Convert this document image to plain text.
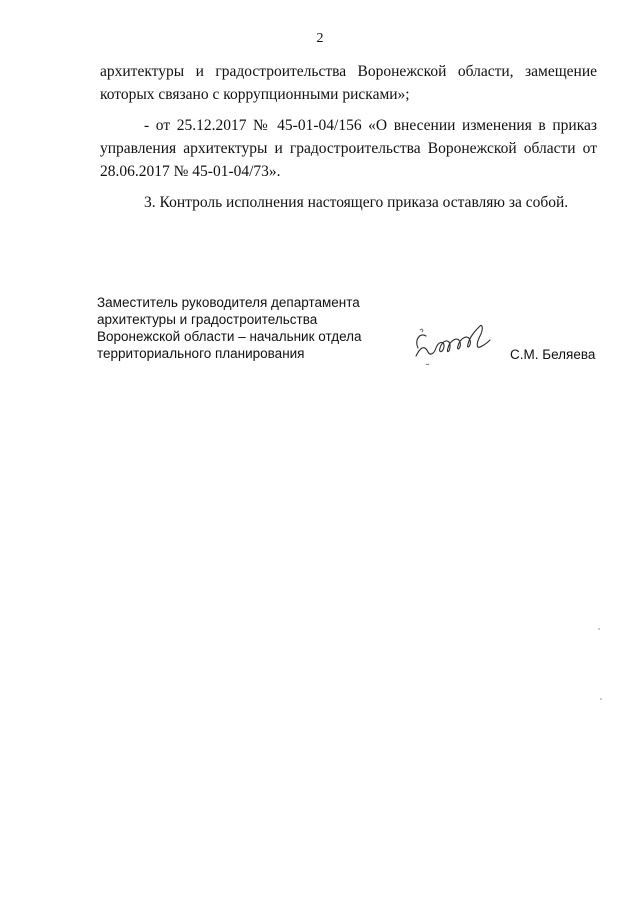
2

архитектуры и градостроительства Воронежской области, замещение
которых связано с коррупционными рисками»;

- от 25.12.2017 № 45-01-04/156 «О внесении изменения в приказ
управления архитектуры и градостроительства Воронежской области от
28.06.2017 № 45-01-04/73».

3. Контроль исполнения настоящего приказа оставляю за собой.

Заместитель руководителя департамента
архитектуры и градостроительства
Воронежской области – начальник отдела
территориального планирования	С.М. Беляева
